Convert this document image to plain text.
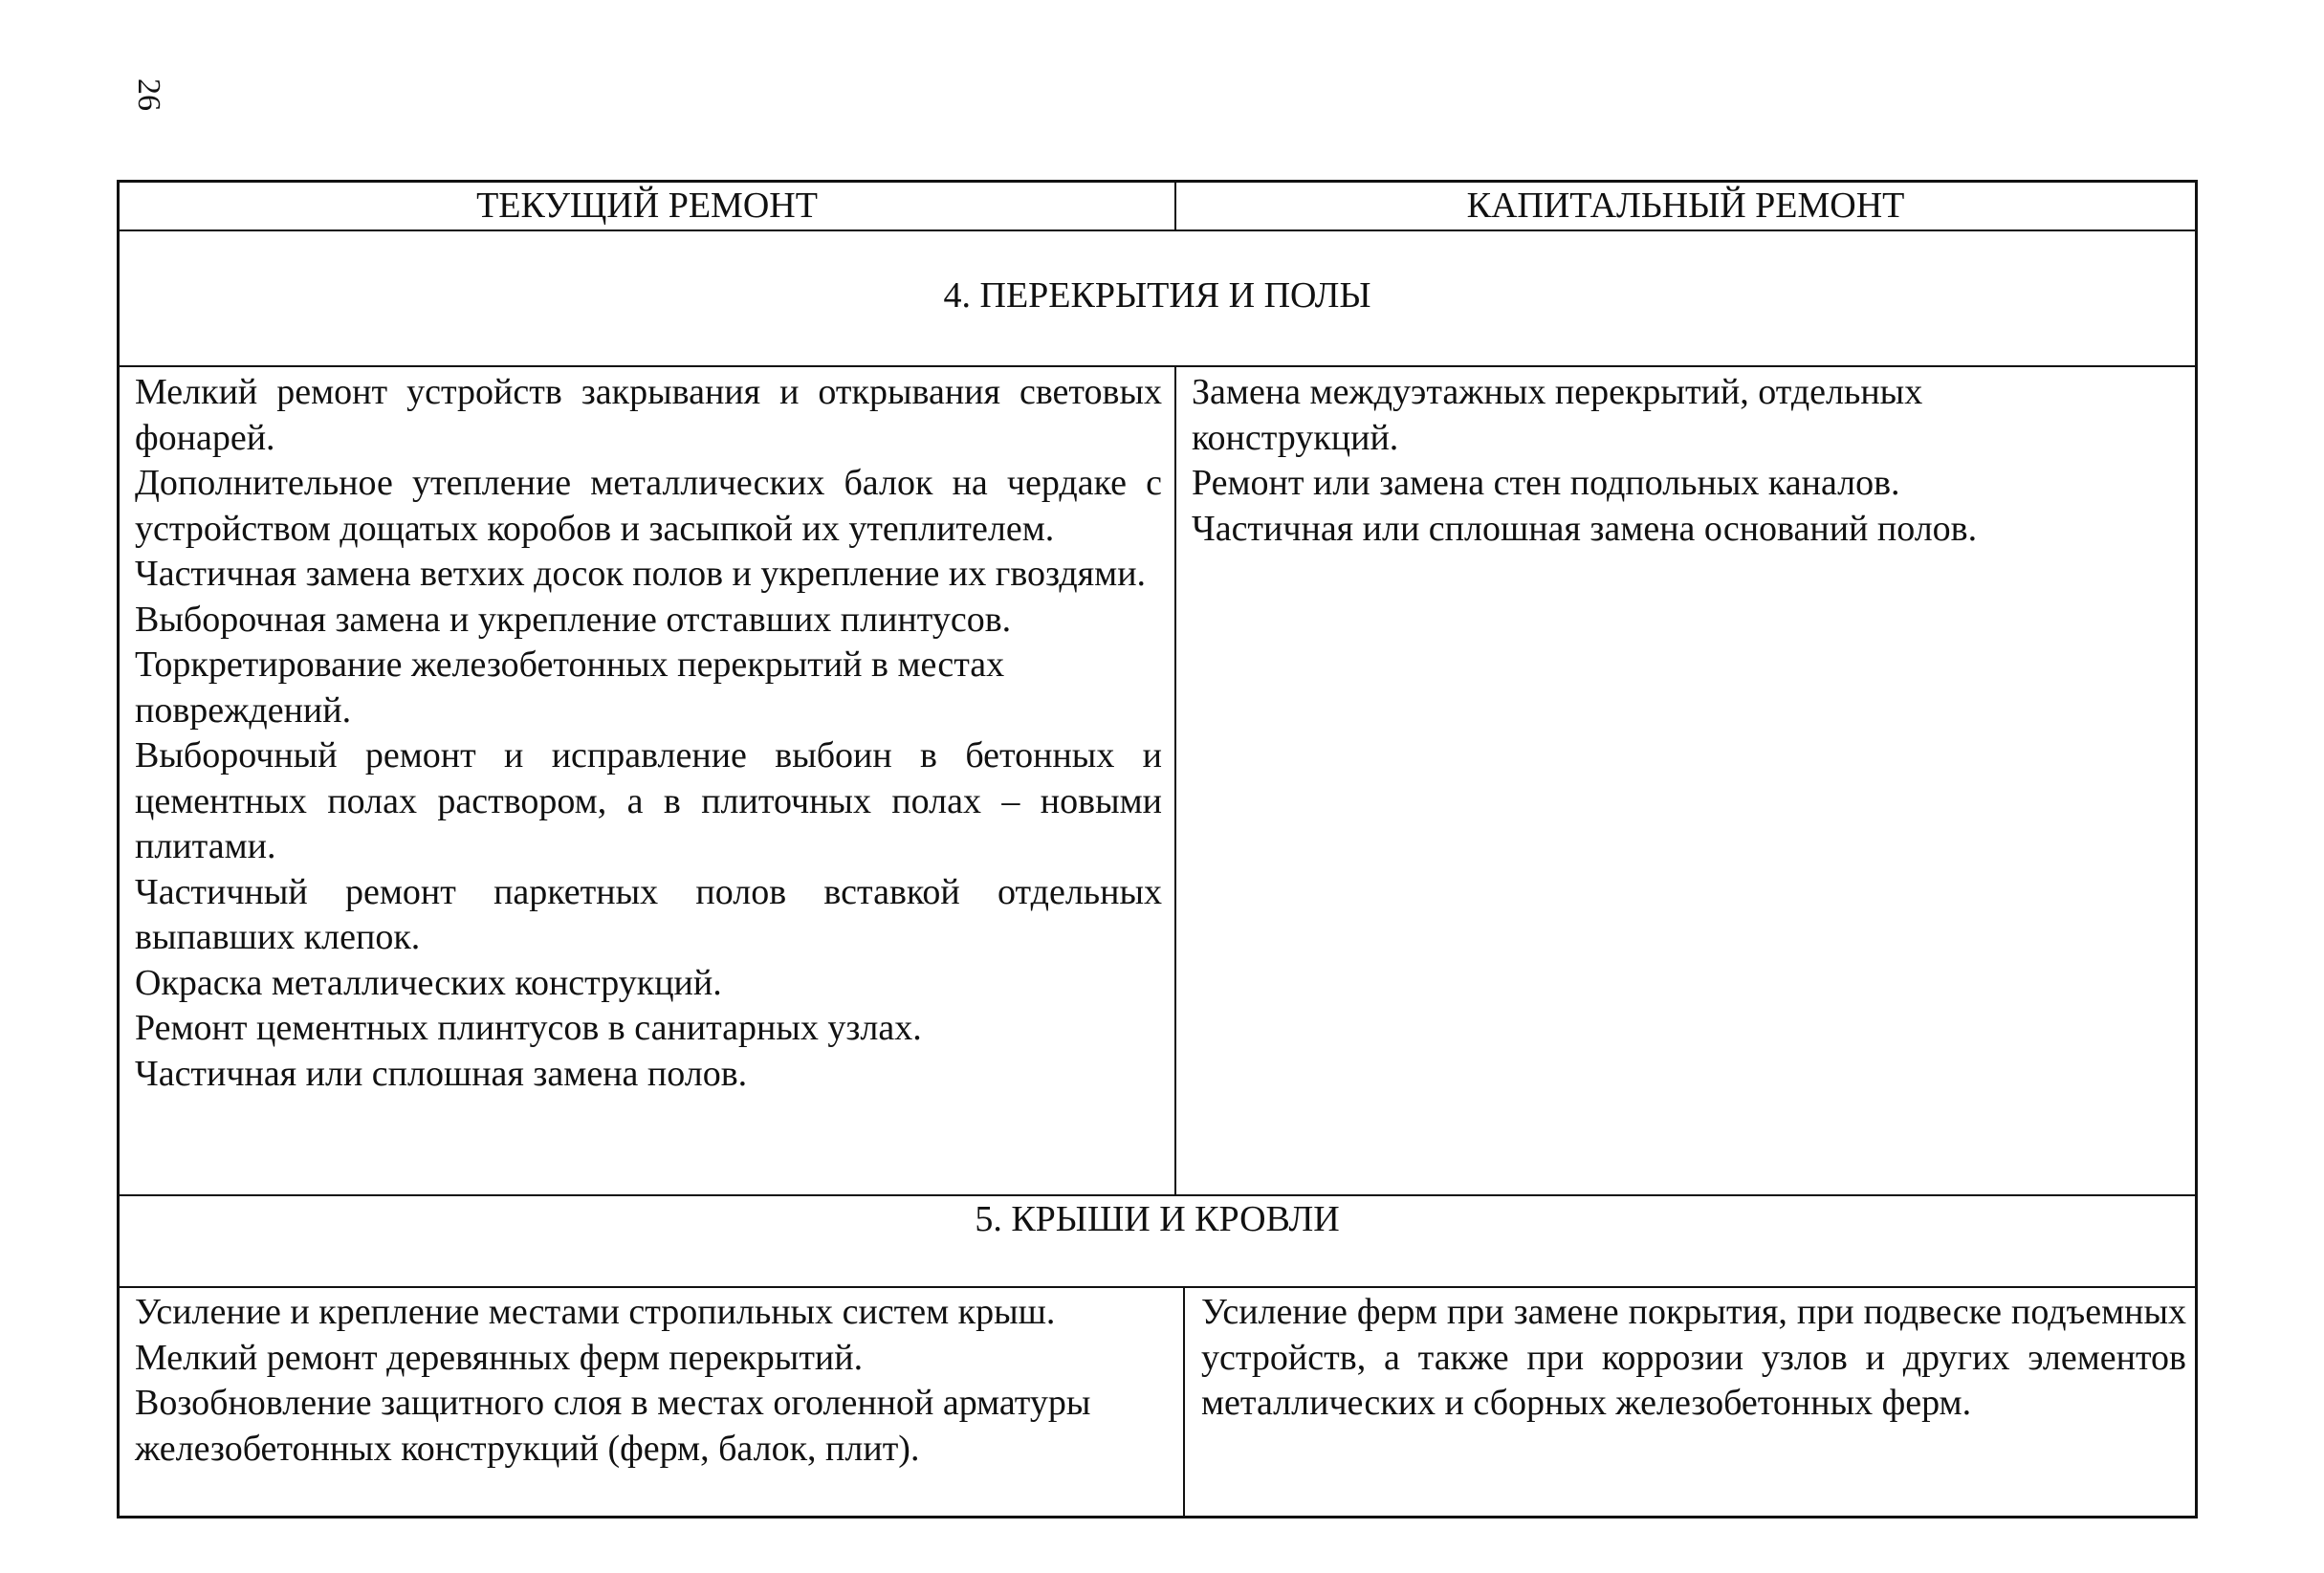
26
ТЕКУЩИЙ РЕМОНТ	КАПИТАЛЬНЫЙ РЕМОНТ
4. ПЕРЕКРЫТИЯ И ПОЛЫ

Мелкий ремонт устройств закрывания и открывания световых фонарей.

Дополнительное утепление металлических балок на чердаке с устройством дощатых коробов и засыпкой их утеплителем.

Частичная замена ветхих досок полов и укрепление их гвоздями.

Выборочная замена и укрепление отставших плинтусов.

Торкретирование железобетонных перекрытий в местах повреждений.

Выборочный ремонт и исправление выбоин в бетонных и цементных полах раствором, а в плиточных полах – новыми плитами.

Частичный ремонт паркетных полов вставкой отдельных выпавших клепок.

Окраска металлических конструкций.

Ремонт цементных плинтусов в санитарных узлах.

Частичная или сплошная замена полов.

Замена междуэтажных перекрытий, отдельных конструкций.

Ремонт или замена стен подпольных каналов.

Частичная или сплошная замена оснований полов.

5. КРЫШИ И КРОВЛИ

Усиление и крепление местами стропильных систем крыш.

Мелкий ремонт деревянных ферм перекрытий.

Возобновление защитного слоя в местах оголенной арматуры железобетонных конструкций (ферм, балок, плит).

Усиление ферм при замене покрытия, при подвеске подъемных устройств, а также при коррозии узлов и других элементов металлических и сборных железобетонных ферм.
